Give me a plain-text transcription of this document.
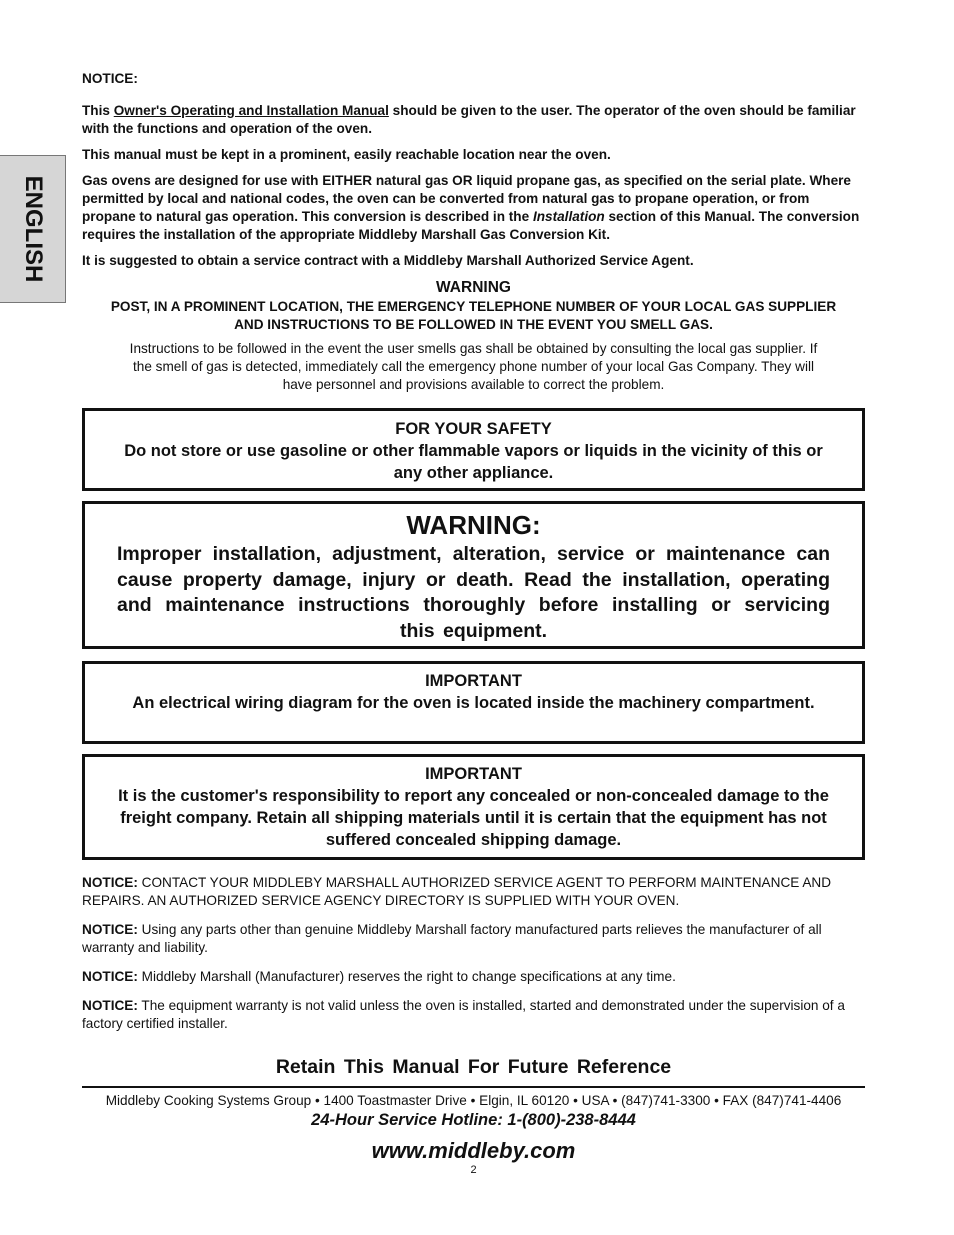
ENGLISH

NOTICE:

This Owner's Operating and Installation Manual should be given to the user. The operator of the oven should be familiar with the functions and operation of the oven.

This manual must be kept in a prominent, easily reachable location near the oven.

Gas ovens are designed for use with EITHER natural gas OR liquid propane gas, as specified on the serial plate. Where permitted by local and national codes, the oven can be converted from natural gas to propane operation, or from propane to natural gas operation. This conversion is described in the Installation section of this Manual. The conversion requires the installation of the appropriate Middleby Marshall Gas Conversion Kit.

It is suggested to obtain a service contract with a Middleby Marshall Authorized Service Agent.

WARNING
POST, IN A PROMINENT LOCATION, THE EMERGENCY TELEPHONE NUMBER OF YOUR LOCAL GAS SUPPLIER AND INSTRUCTIONS TO BE FOLLOWED IN THE EVENT YOU SMELL GAS.
Instructions to be followed in the event the user smells gas shall be obtained by consulting the local gas supplier. If the smell of gas is detected, immediately call the emergency phone number of your local Gas Company. They will have personnel and provisions available to correct the problem.
FOR YOUR SAFETY
Do not store or use gasoline or other flammable vapors or liquids in the vicinity of this or any other appliance.
WARNING:
Improper installation, adjustment, alteration, service or maintenance can cause property damage, injury or death. Read the installation, operating and maintenance instructions thoroughly before installing or servicing this equipment.
IMPORTANT
An electrical wiring diagram for the oven is located inside the machinery compartment.
IMPORTANT
It is the customer's responsibility to report any concealed or non-concealed damage to the freight company. Retain all shipping materials until it is certain that the equipment has not suffered concealed shipping damage.

NOTICE: CONTACT YOUR MIDDLEBY MARSHALL AUTHORIZED SERVICE AGENT TO PERFORM MAINTENANCE AND REPAIRS. AN AUTHORIZED SERVICE AGENCY DIRECTORY IS SUPPLIED WITH YOUR OVEN.

NOTICE: Using any parts other than genuine Middleby Marshall factory manufactured parts relieves the manufacturer of all warranty and liability.

NOTICE: Middleby Marshall (Manufacturer) reserves the right to change specifications at any time.

NOTICE: The equipment warranty is not valid unless the oven is installed, started and demonstrated under the supervision of a factory certified installer.

Retain This Manual For Future Reference
Middleby Cooking Systems Group • 1400 Toastmaster Drive • Elgin, IL 60120 • USA • (847)741-3300 • FAX (847)741-4406
24-Hour Service Hotline: 1-(800)-238-8444
www.middleby.com
2
